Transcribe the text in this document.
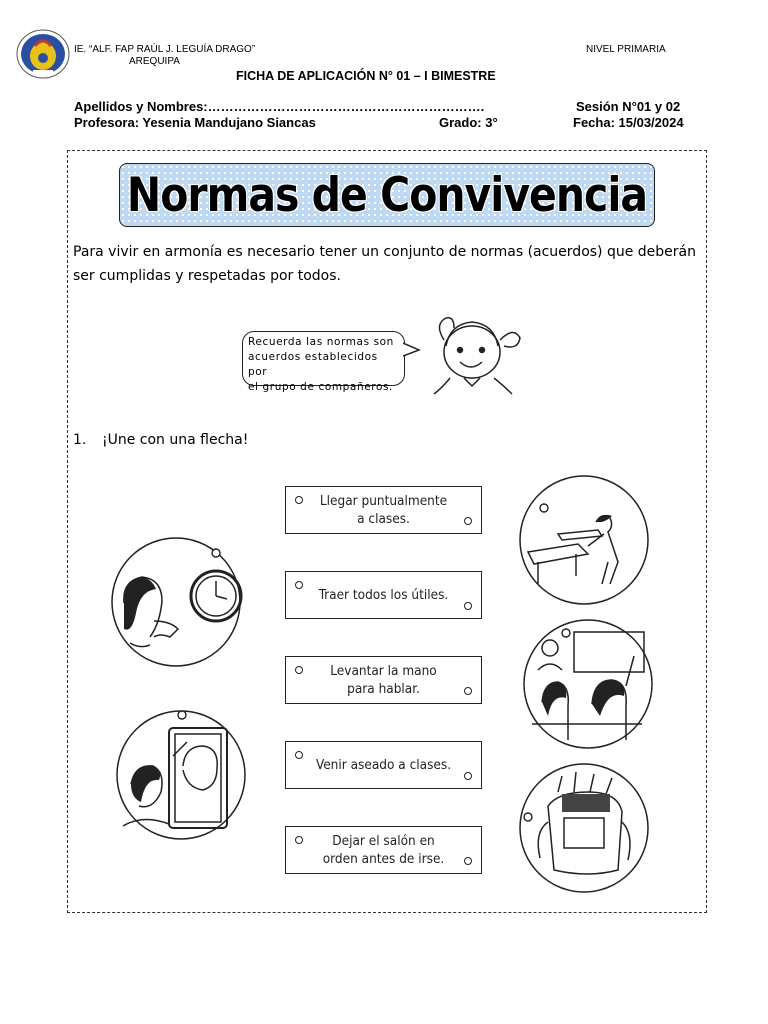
IE. “ALF. FAP RAÚL J. LEGUÍA DRAGO”
AREQUIPA
NIVEL PRIMARIA
FICHA DE APLICACIÓN N° 01 – I BIMESTRE
Apellidos y Nombres:……………………………………………………….	Sesión N°01 y 02
Profesora: Yesenia Mandujano Siancas	Grado: 3°	Fecha: 15/03/2024
Normas de Convivencia
Para vivir en armonía es necesario tener un conjunto de normas (acuerdos) que deberán
ser cumplidas y respetadas por todos.
Recuerda las normas son
acuerdos establecidos por
el grupo de compañeros.
1. ¡Une con una flecha!
Llegar puntualmente
a clases.
Traer todos los útiles.
Levantar la mano
para hablar.
Venir aseado a clases.
Dejar el salón en
orden antes de irse.
